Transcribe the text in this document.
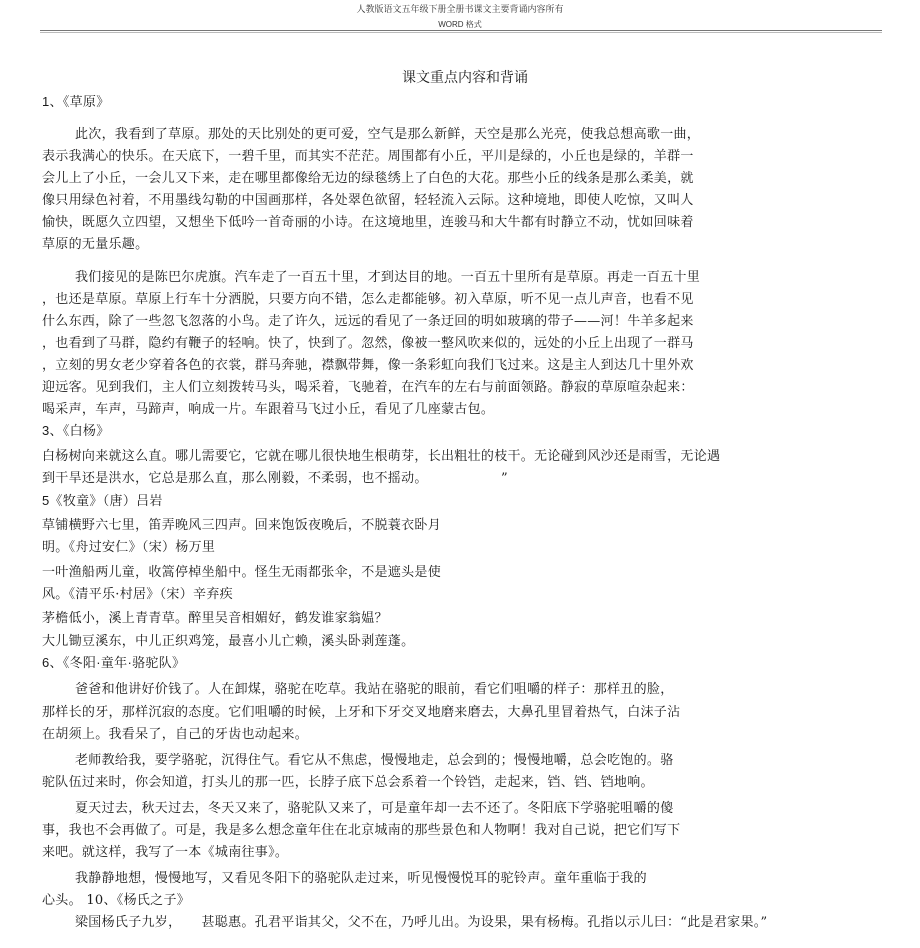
人教版语文五年级下册全册书课文主要背诵内容所有
WORD 格式
课文重点内容和背诵
1、《草原》
此次，我看到了草原。那处的天比别处的更可爱，空气是那么新鲜，天空是那么光亮，使我总想高歌一曲，
表示我满心的快乐。在天底下，一碧千里，而其实不茫茫。周围都有小丘，平川是绿的，小丘也是绿的，羊群一
会儿上了小丘，一会儿又下来，走在哪里都像给无边的绿毯绣上了白色的大花。那些小丘的线条是那么柔美，就
像只用绿色衬着，不用墨线勾勒的中国画那样，各处翠色欲留，轻轻流入云际。这种境地，即使人吃惊，又叫人
愉快，既愿久立四望，又想坐下低吟一首奇丽的小诗。在这境地里，连骏马和大牛都有时静立不动，忧如回味着
草原的无量乐趣。
我们接见的是陈巴尔虎旗。汽车走了一百五十里，才到达目的地。一百五十里所有是草原。再走一百五十里
，也还是草原。草原上行车十分洒脱，只要方向不错，怎么走都能够。初入草原，听不见一点儿声音，也看不见
什么东西，除了一些忽飞忽落的小鸟。走了许久，远远的看见了一条迂回的明如玻璃的带子——河！牛羊多起来
，也看到了马群，隐约有鞭子的轻响。快了，快到了。忽然，像被一整风吹来似的，远处的小丘上出现了一群马
，立刻的男女老少穿着各色的衣裳，群马奔驰，襟飘带舞，像一条彩虹向我们飞过来。这是主人到达几十里外欢
迎远客。见到我们，主人们立刻拨转马头，喝采着，飞驰着，在汽车的左右与前面领路。静寂的草原喧杂起来：
喝采声，车声，马蹄声，响成一片。车跟着马飞过小丘，看见了几座蒙古包。
3、《白杨》
白杨树向来就这么直。哪儿需要它，它就在哪儿很快地生根萌芽，长出粗壮的枝干。无论碰到风沙还是雨雪，无论遇
到干旱还是洪水，它总是那么直，那么刚毅，不柔弱，也不摇动。　　　　　　”
5《牧童》（唐）吕岩
草铺横野六七里，笛弄晚风三四声。回来饱饭夜晚后，不脱蓑衣卧月
明。《舟过安仁》（宋）杨万里
一叶渔船两儿童，收篙停棹坐船中。怪生无雨都张伞，不是遮头是使
风。《清平乐·村居》（宋）辛弃疾
茅檐低小，溪上青青草。醉里吴音相媚好，鹤发谁家翁媪？
大儿锄豆溪东，中儿正织鸡笼，最喜小儿亡赖，溪头卧剥莲蓬。
6、《冬阳·童年·骆驼队》
爸爸和他讲好价钱了。人在卸煤，骆驼在吃草。我站在骆驼的眼前，看它们咀嚼的样子：那样丑的脸，
那样长的牙，那样沉寂的态度。它们咀嚼的时候，上牙和下牙交叉地磨来磨去，大鼻孔里冒着热气，白沫子沾
在胡须上。我看呆了，自己的牙齿也动起来。
老师教给我，要学骆驼，沉得住气。看它从不焦虑，慢慢地走，总会到的；慢慢地嚼，总会吃饱的。骆
驼队伍过来时，你会知道，打头儿的那一匹，长脖子底下总会系着一个铃铛，走起来，铛、铛、铛地响。
夏天过去，秋天过去，冬天又来了，骆驼队又来了，可是童年却一去不还了。冬阳底下学骆驼咀嚼的傻
事，我也不会再做了。可是，我是多么想念童年住在北京城南的那些景色和人物啊！我对自己说，把它们写下
来吧。就这样，我写了一本《城南往事》。
我静静地想，慢慢地写，又看见冬阳下的骆驼队走过来，听见慢慢悦耳的驼铃声。童年重临于我的
心头。 10、《杨氏之子》
梁国杨氏子九岁，　　甚聪惠。孔君平诣其父，父不在，乃呼儿出。为设果，果有杨梅。孔指以示儿曰：“此是君家果。”
